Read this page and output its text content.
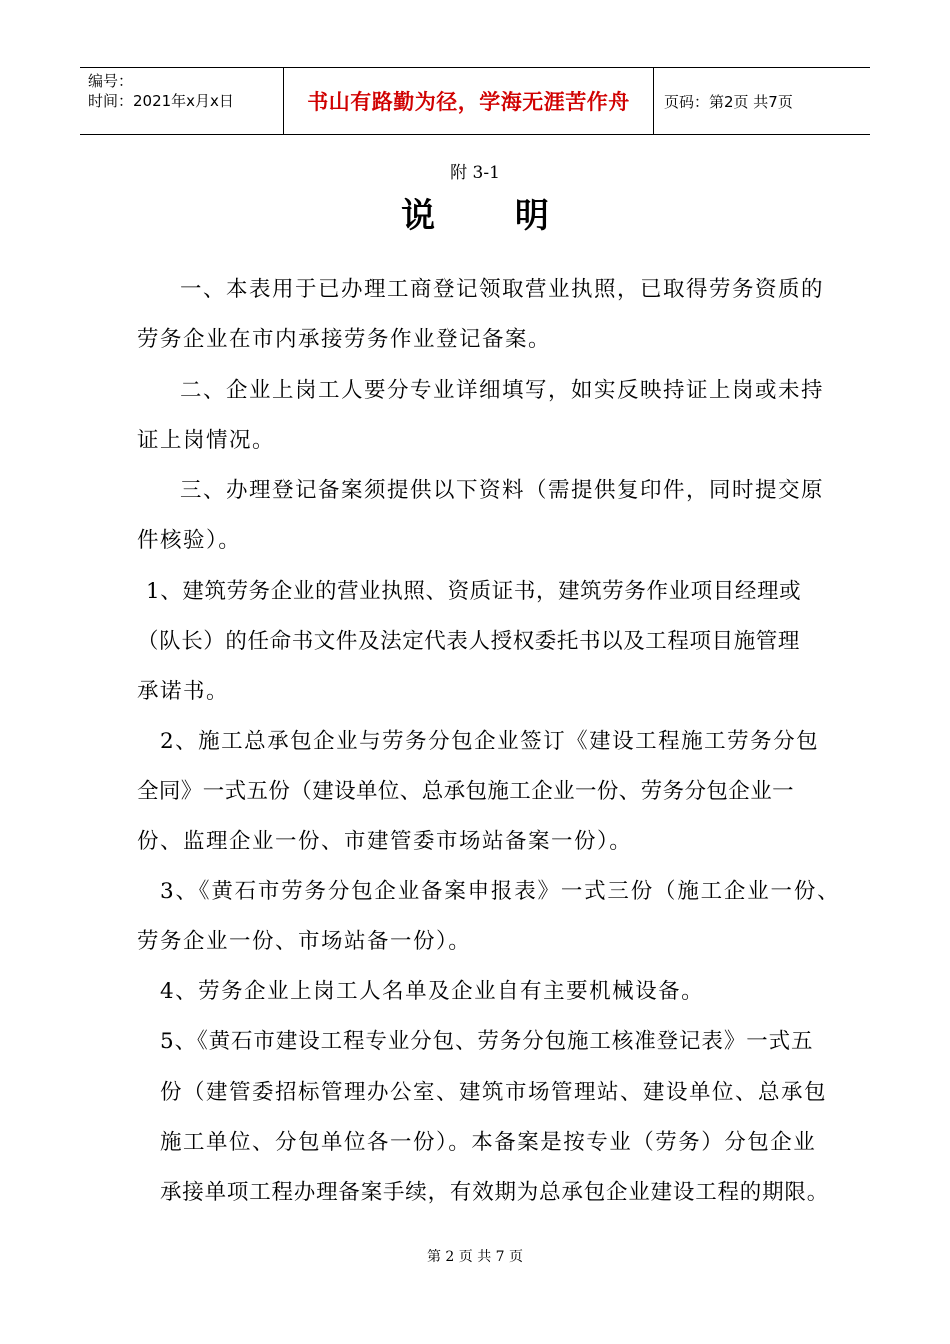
编号：
时间：2021年x月x日	书山有路勤为径，学海无涯苦作舟	页码：第2页 共7页
附 3-1
说 明
一、本表用于已办理工商登记领取营业执照，已取得劳务资质的
劳务企业在市内承接劳务作业登记备案。
二、企业上岗工人要分专业详细填写，如实反映持证上岗或未持
证上岗情况。
三、办理登记备案须提供以下资料（需提供复印件，同时提交原
件核验）。
1、建筑劳务企业的营业执照、资质证书，建筑劳务作业项目经理或
（队长）的任命书文件及法定代表人授权委托书以及工程项目施管理
承诺书。
2、施工总承包企业与劳务分包企业签订《建设工程施工劳务分包
全同》一式五份（建设单位、总承包施工企业一份、劳务分包企业一
份、监理企业一份、市建管委市场站备案一份）。
3、《黄石市劳务分包企业备案申报表》一式三份（施工企业一份、
劳务企业一份、市场站备一份）。
4、劳务企业上岗工人名单及企业自有主要机械设备。
5、《黄石市建设工程专业分包、劳务分包施工核准登记表》一式五
份（建管委招标管理办公室、建筑市场管理站、建设单位、总承包
施工单位、分包单位各一份）。本备案是按专业（劳务）分包企业
承接单项工程办理备案手续，有效期为总承包企业建设工程的期限。
第 2 页 共 7 页
